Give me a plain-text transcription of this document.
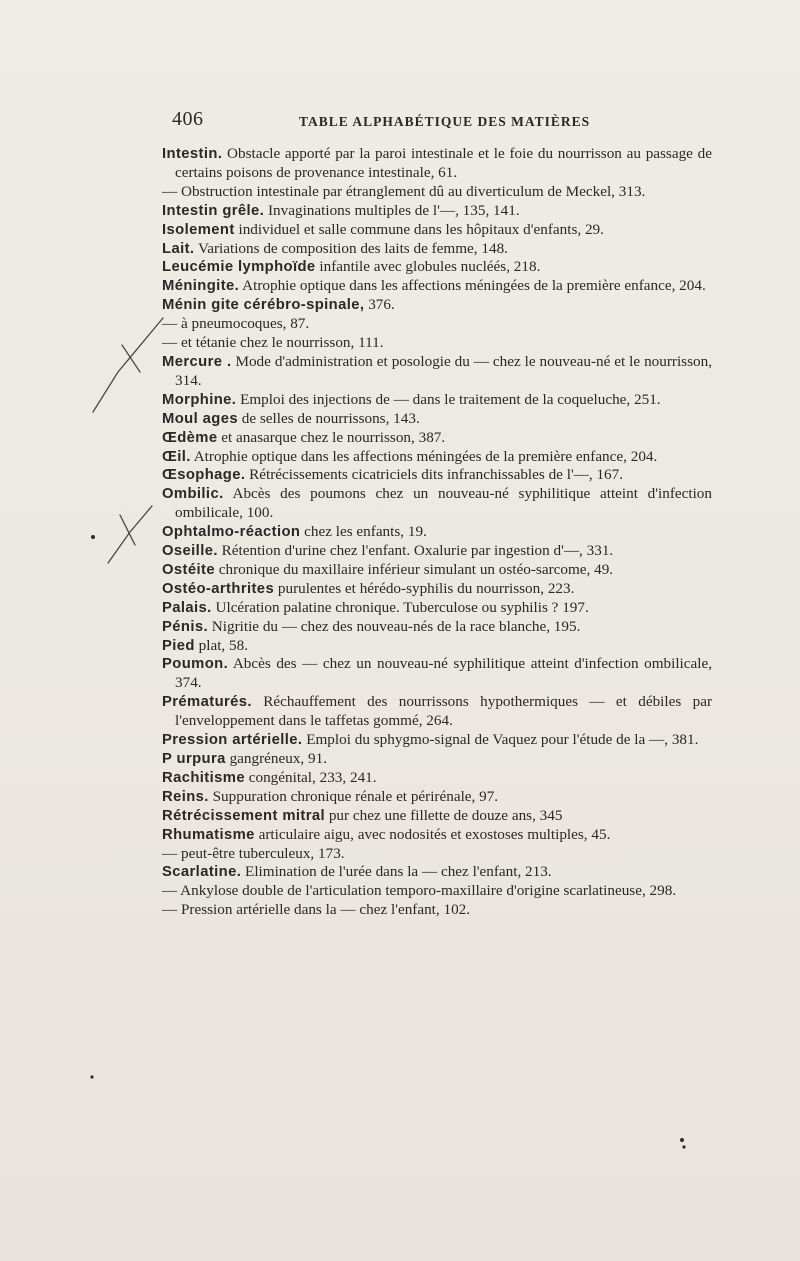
406	TABLE ALPHABÉTIQUE DES MATIÈRES

Intestin. Obstacle apporté par la paroi intestinale et le foie du nourrisson au passage de certains poisons de provenance intestinale, 61.

— Obstruction intestinale par étranglement dû au diverticulum de Meckel, 313.

Intestin grêle. Invaginations multiples de l'—, 135, 141.

Isolement individuel et salle commune dans les hôpitaux d'enfants, 29.

Lait. Variations de composition des laits de femme, 148.

Leucémie lymphoïde infantile avec globules nucléés, 218.

Méningite. Atrophie optique dans les affections méningées de la première enfance, 204.

Ménin gite cérébro-spinale, 376.

— à pneumocoques, 87.

— et tétanie chez le nourrisson, 111.

Mercure . Mode d'administration et posologie du — chez le nouveau-né et le nourrisson, 314.

Morphine. Emploi des injections de — dans le traitement de la coqueluche, 251.

Moul ages de selles de nourrissons, 143.

Œdème et anasarque chez le nourrisson, 387.

Œil. Atrophie optique dans les affections méningées de la première enfance, 204.

Œsophage. Rétrécissements cicatriciels dits infranchissables de l'—, 167.

Ombilic. Abcès des poumons chez un nouveau-né syphilitique atteint d'infection ombilicale, 100.

Ophtalmo-réaction chez les enfants, 19.

Oseille. Rétention d'urine chez l'enfant. Oxalurie par ingestion d'—, 331.

Ostéite chronique du maxillaire inférieur simulant un ostéo-sarcome, 49.

Ostéo-arthrites purulentes et hérédo-syphilis du nourrisson, 223.

Palais. Ulcération palatine chronique. Tuberculose ou syphilis ? 197.

Pénis. Nigritie du — chez des nouveau-nés de la race blanche, 195.

Pied plat, 58.

Poumon. Abcès des — chez un nouveau-né syphilitique atteint d'infection ombilicale, 374.

Prématurés. Réchauffement des nourrissons hypothermiques — et débiles par l'enveloppement dans le taffetas gommé, 264.

Pression artérielle. Emploi du sphygmo-signal de Vaquez pour l'étude de la —, 381.

P urpura gangréneux, 91.

Rachitisme congénital, 233, 241.

Reins. Suppuration chronique rénale et périrénale, 97.

Rétrécissement mitral pur chez une fillette de douze ans, 345

Rhumatisme articulaire aigu, avec nodosités et exostoses multiples, 45.

— peut-être tuberculeux, 173.

Scarlatine. Elimination de l'urée dans la — chez l'enfant, 213.

— Ankylose double de l'articulation temporo-maxillaire d'origine scarlatineuse, 298.

— Pression artérielle dans la — chez l'enfant, 102.
